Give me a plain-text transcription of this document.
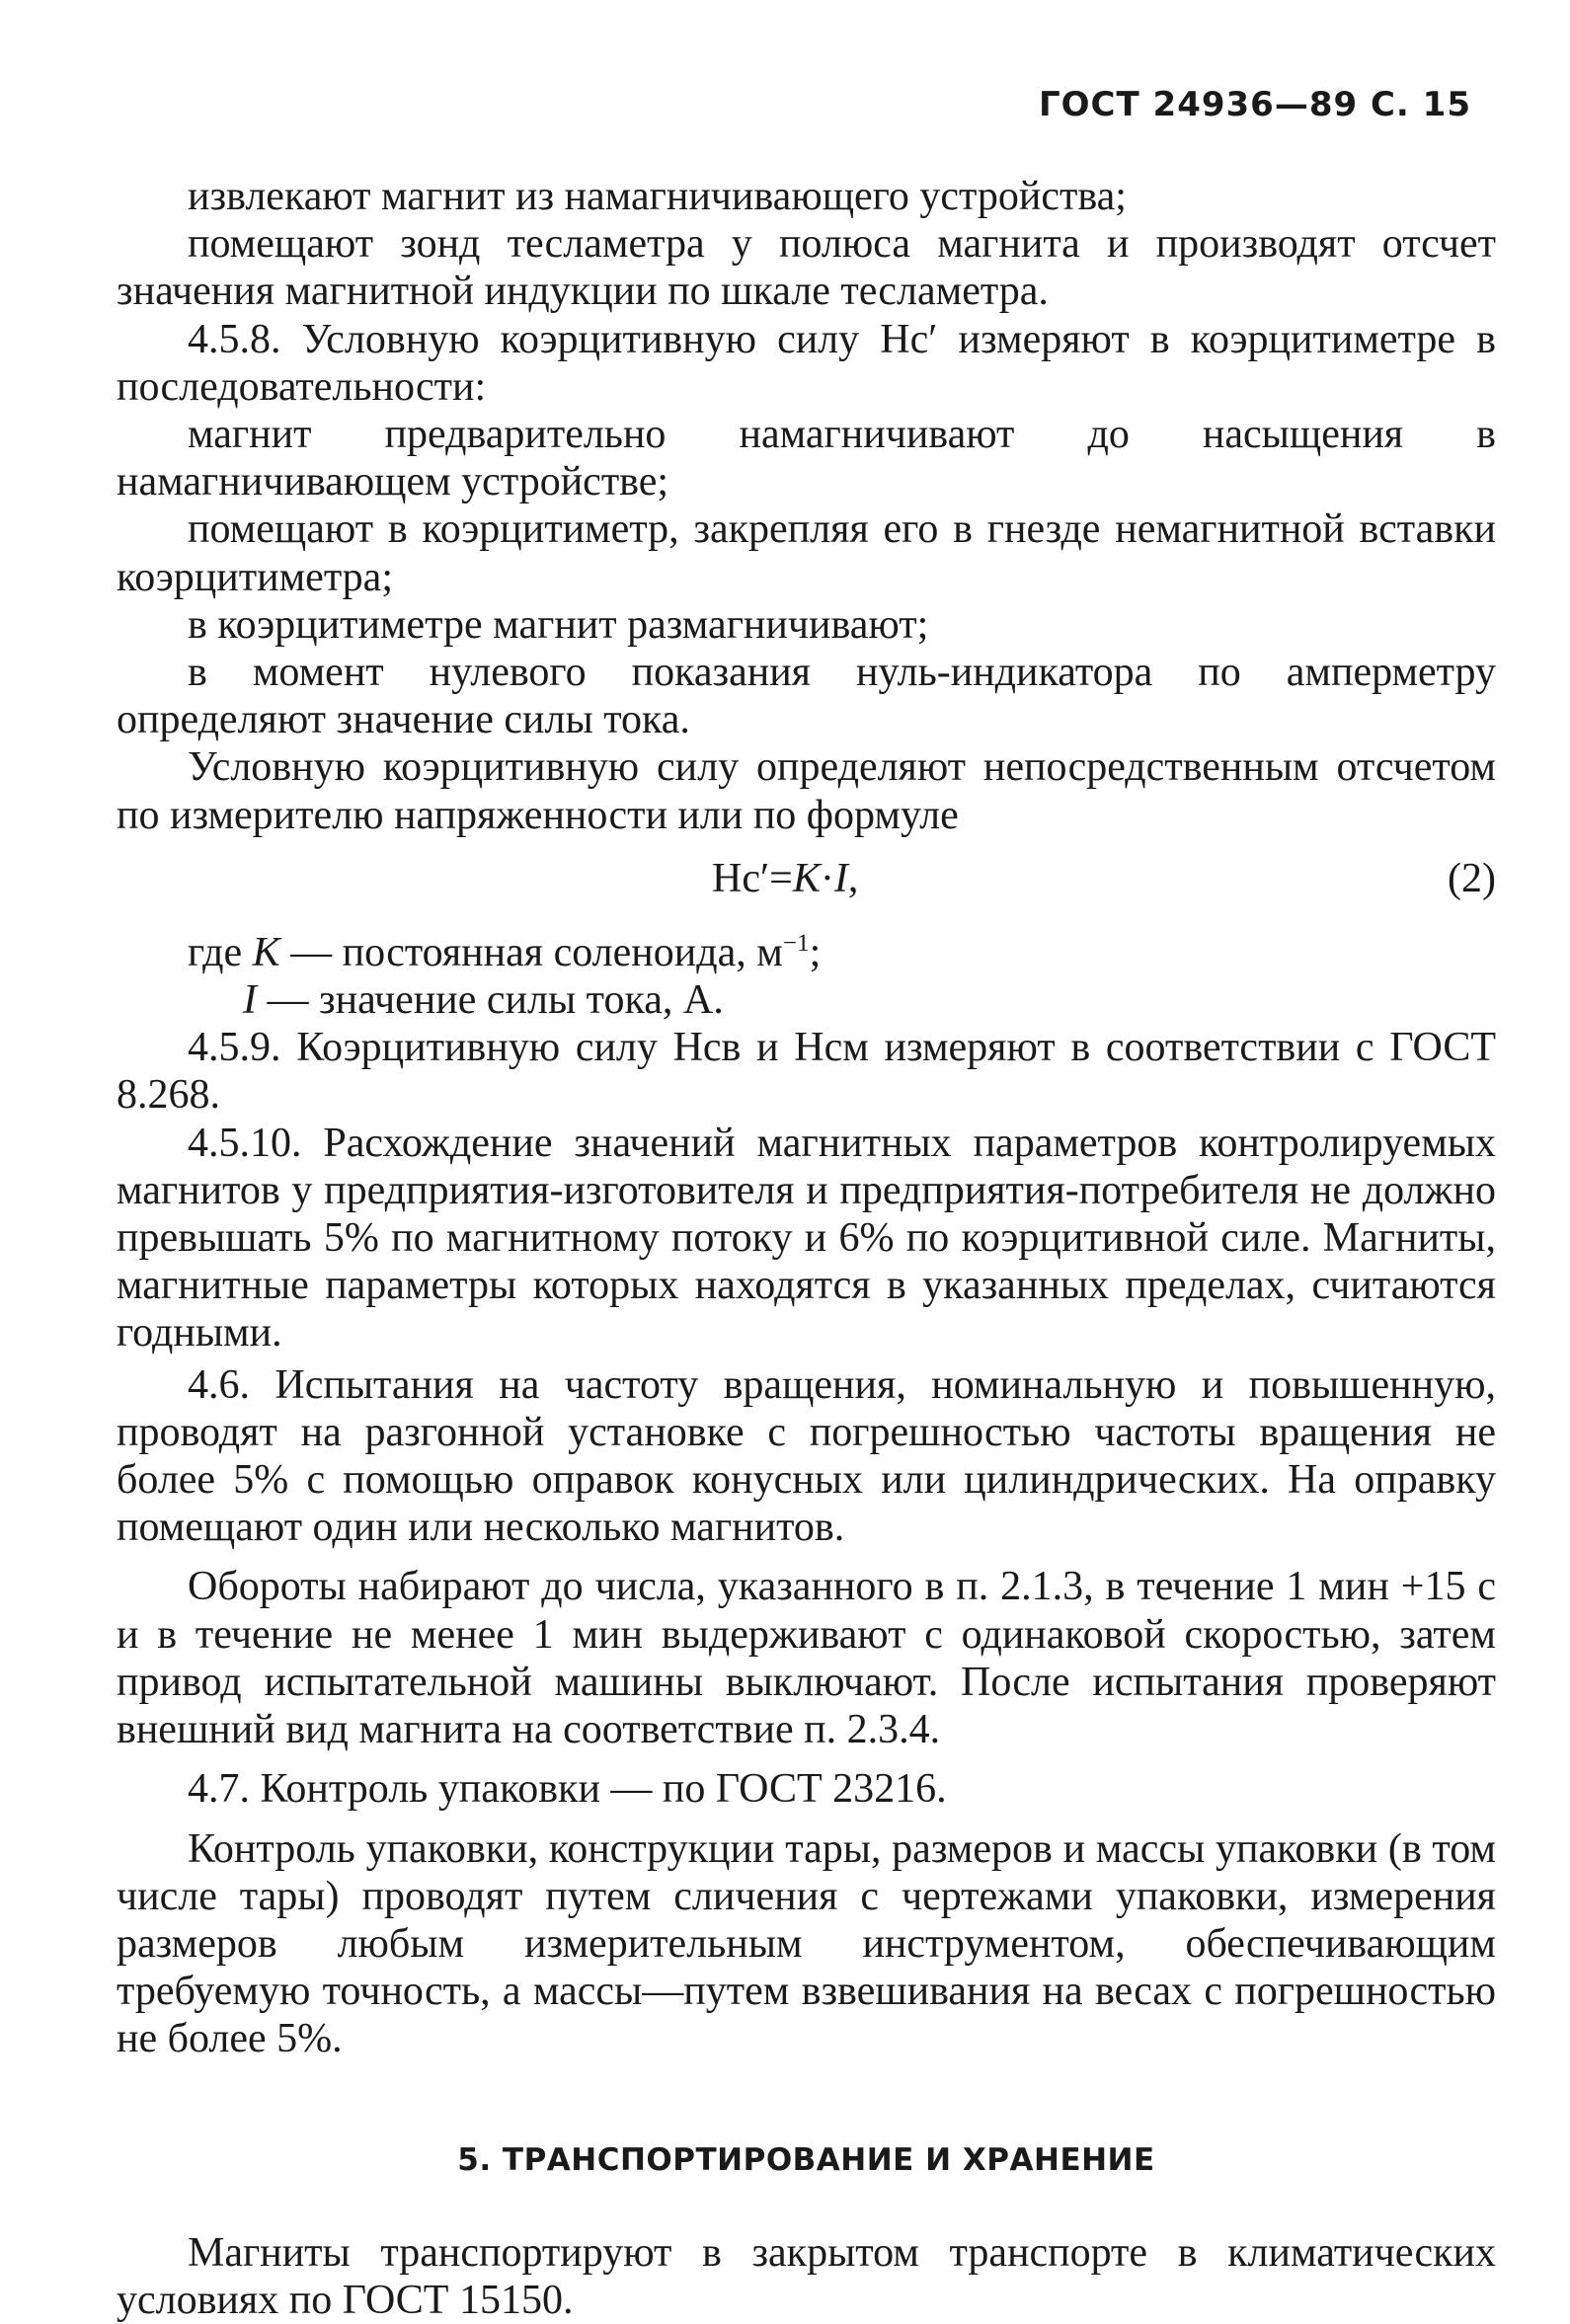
ГОСТ 24936—89 С. 15

извлекают магнит из намагничивающего устройства;

помещают зонд тесламетра у полюса магнита и производят отсчет значения магнитной индукции по шкале тесламетра.

4.5.8. Условную коэрцитивную силу Hc′ измеряют в коэрцитиметре в последовательности:

магнит предварительно намагничивают до насыщения в намагничивающем устройстве;

помещают в коэрцитиметр, закрепляя его в гнезде немагнитной вставки коэрцитиметра;

в коэрцитиметре магнит размагничивают;

в момент нулевого показания нуль-индикатора по амперметру определяют значение силы тока.

Условную коэрцитивную силу определяют непосредственным отсчетом по измерителю напряженности или по формуле

Hc′=K·I,	(2)

где K — постоянная соленоида, $м^{-1}$;

I — значение силы тока, А.

4.5.9. Коэрцитивную силу Hcв и Hcм измеряют в соответствии с ГОСТ 8.268.

4.5.10. Расхождение значений магнитных параметров контролируемых магнитов у предприятия-изготовителя и предприятия-потребителя не должно превышать 5% по магнитному потоку и 6% по коэрцитивной силе. Магниты, магнитные параметры которых находятся в указанных пределах, считаются годными.

4.6. Испытания на частоту вращения, номинальную и повышенную, проводят на разгонной установке с погрешностью частоты вращения не более 5% с помощью оправок конусных или цилиндрических. На оправку помещают один или несколько магнитов.

Обороты набирают до числа, указанного в п. 2.1.3, в течение 1 мин +15 с и в течение не менее 1 мин выдерживают с одинаковой скоростью, затем привод испытательной машины выключают. После испытания проверяют внешний вид магнита на соответствие п. 2.3.4.

4.7. Контроль упаковки — по ГОСТ 23216.

Контроль упаковки, конструкции тары, размеров и массы упаковки (в том числе тары) проводят путем сличения с чертежами упаковки, измерения размеров любым измерительным инструментом, обеспечивающим требуемую точность, а массы—путем взвешивания на весах с погрешностью не более 5%.

5. ТРАНСПОРТИРОВАНИЕ И ХРАНЕНИЕ

Магниты транспортируют в закрытом транспорте в климатических условиях по ГОСТ 15150.
